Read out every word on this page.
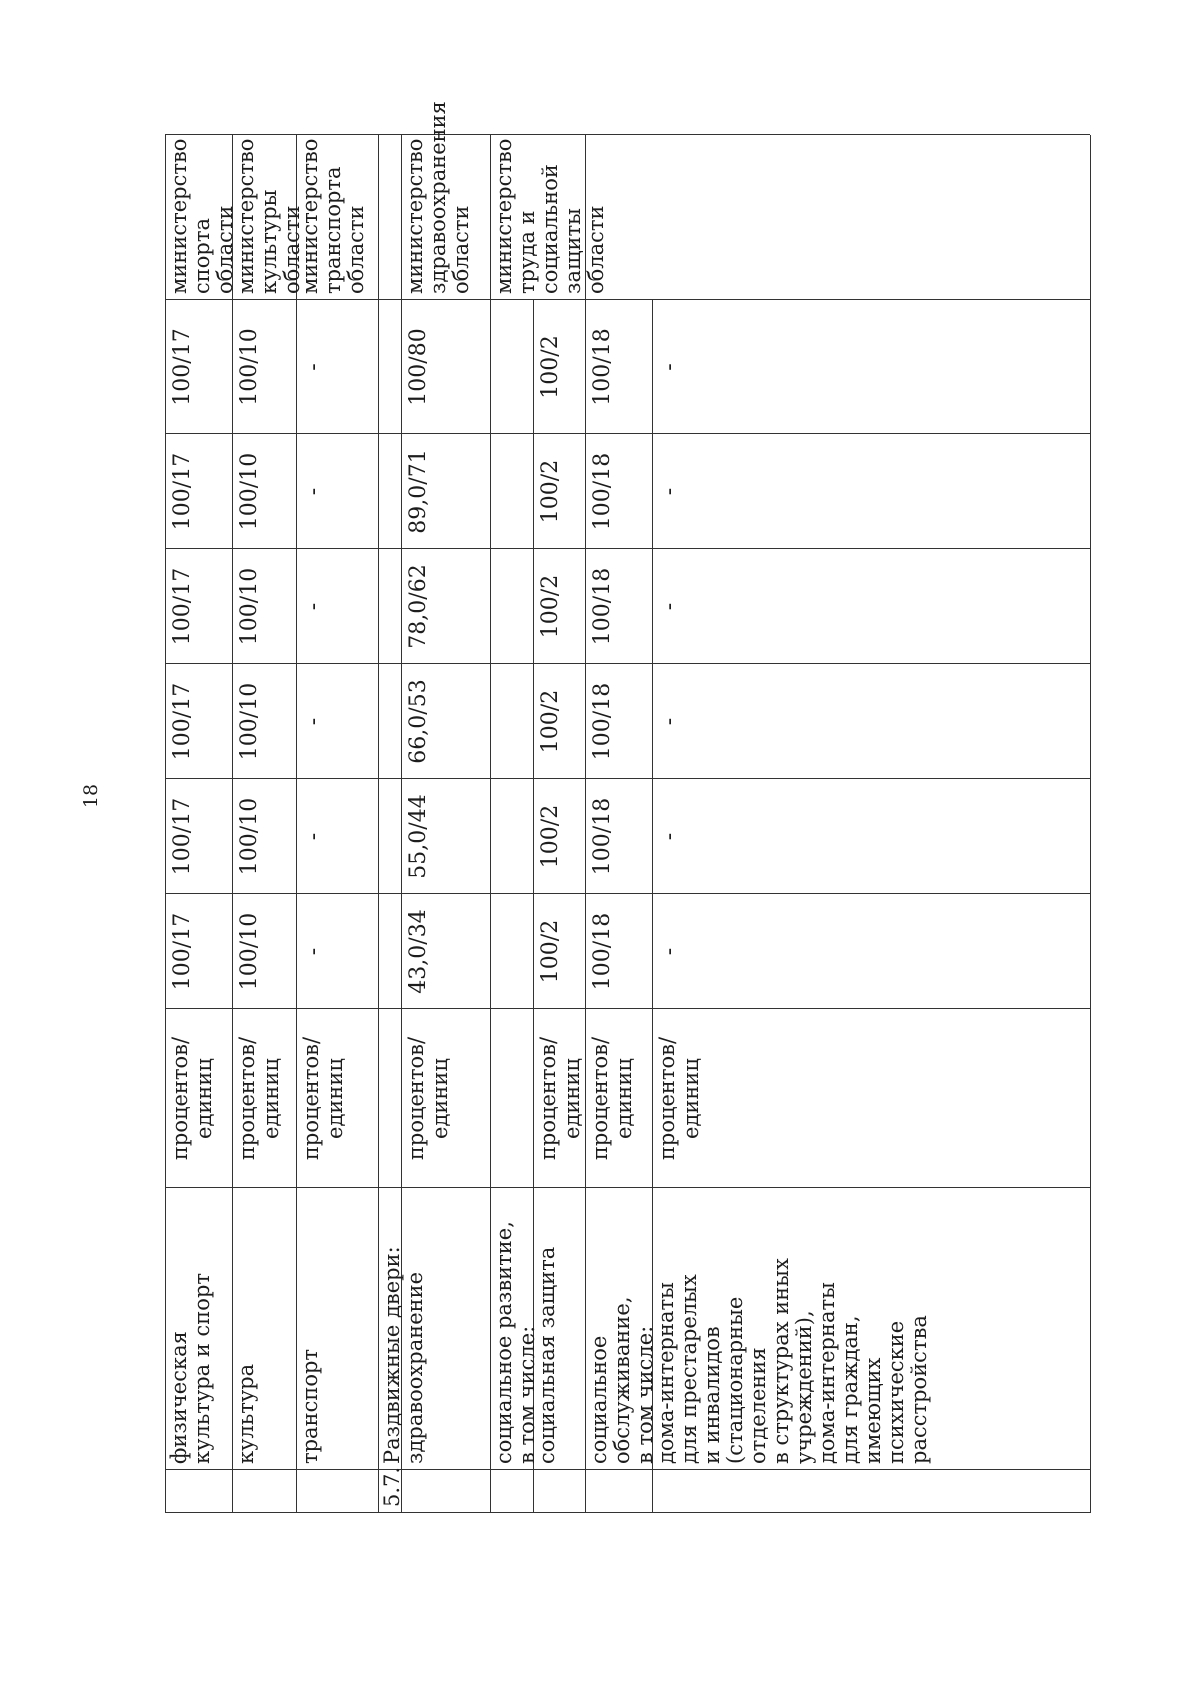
18
физическая
культура и спорт
процентов/
единиц
100/17
100/17
100/17
100/17
100/17
100/17
министерство
спорта области
культура
процентов/
единиц
100/10
100/10
100/10
100/10
100/10
100/10
министерство
культуры области
транспорт
процентов/
единиц
-
-
-
-
-
-
министерство
транспорта
области
5.7.
Раздвижные двери: здравоохранение
процентов/
единиц
43,0/34
55,0/44
66,0/53
78,0/62
89,0/71
100/80
министерство
здравоохранения
области
социальное развитие,
в том числе:
министерство
труда и социальной
защиты области
социальная защита
процентов/
единиц
100/2
100/2
100/2
100/2
100/2
100/2
социальное
обслуживание,
в том числе:
процентов/
единиц
100/18
100/18
100/18
100/18
100/18
100/18
дома-интернаты
для престарелых
и инвалидов
(стационарные
отделения
в структурах иных
учреждений),
дома-интернаты
для граждан,
имеющих
психические
расстройства
процентов/
единиц
-
-
-
-
-
-
